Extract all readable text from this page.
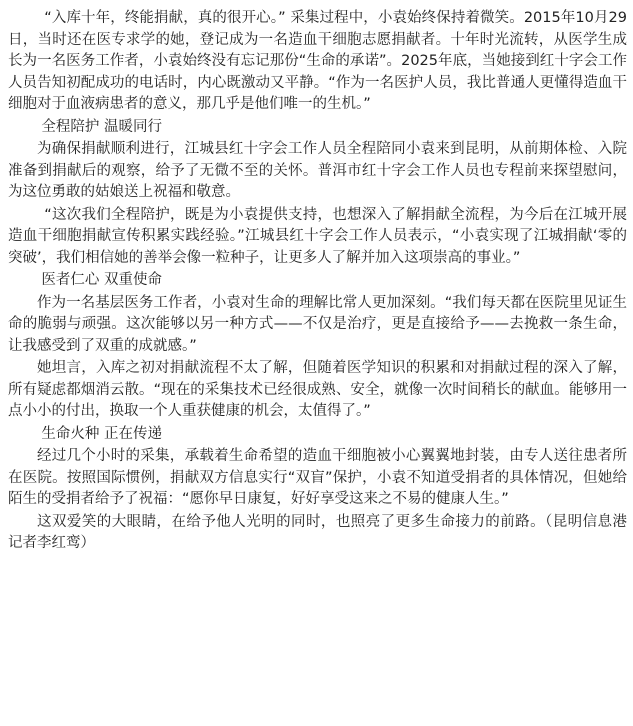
“入库十年，终能捐献，真的很开心。” 采集过程中，小袁始终保持着微笑。2015年10月29日，当时还在医专求学的她，登记成为一名造血干细胞志愿捐献者。十年时光流转，从医学生成长为一名医务工作者，小袁始终没有忘记那份“生命的承诺”。2025年底，当她接到红十字会工作人员告知初配成功的电话时，内心既激动又平静。“作为一名医护人员，我比普通人更懂得造血干细胞对于血液病患者的意义，那几乎是他们唯一的生机。”

全程陪护 温暖同行

为确保捐献顺利进行，江城县红十字会工作人员全程陪同小袁来到昆明，从前期体检、入院准备到捐献后的观察，给予了无微不至的关怀。普洱市红十字会工作人员也专程前来探望慰问，为这位勇敢的姑娘送上祝福和敬意。

“这次我们全程陪护，既是为小袁提供支持，也想深入了解捐献全流程，为今后在江城开展造血干细胞捐献宣传积累实践经验。”江城县红十字会工作人员表示，“小袁实现了江城捐献‘零的突破’，我们相信她的善举会像一粒种子，让更多人了解并加入这项崇高的事业。”

医者仁心 双重使命

作为一名基层医务工作者，小袁对生命的理解比常人更加深刻。“我们每天都在医院里见证生命的脆弱与顽强。这次能够以另一种方式——不仅是治疗，更是直接给予——去挽救一条生命，让我感受到了双重的成就感。”

她坦言，入库之初对捐献流程不太了解，但随着医学知识的积累和对捐献过程的深入了解，所有疑虑都烟消云散。“现在的采集技术已经很成熟、安全，就像一次时间稍长的献血。能够用一点小小的付出，换取一个人重获健康的机会，太值得了。”

生命火种 正在传递

经过几个小时的采集，承载着生命希望的造血干细胞被小心翼翼地封装，由专人送往患者所在医院。按照国际惯例，捐献双方信息实行“双盲”保护，小袁不知道受捐者的具体情况，但她给陌生的受捐者给予了祝福：“愿你早日康复，好好享受这来之不易的健康人生。”

这双爱笑的大眼睛，在给予他人光明的同时，也照亮了更多生命接力的前路。（昆明信息港 记者李红鸾）
